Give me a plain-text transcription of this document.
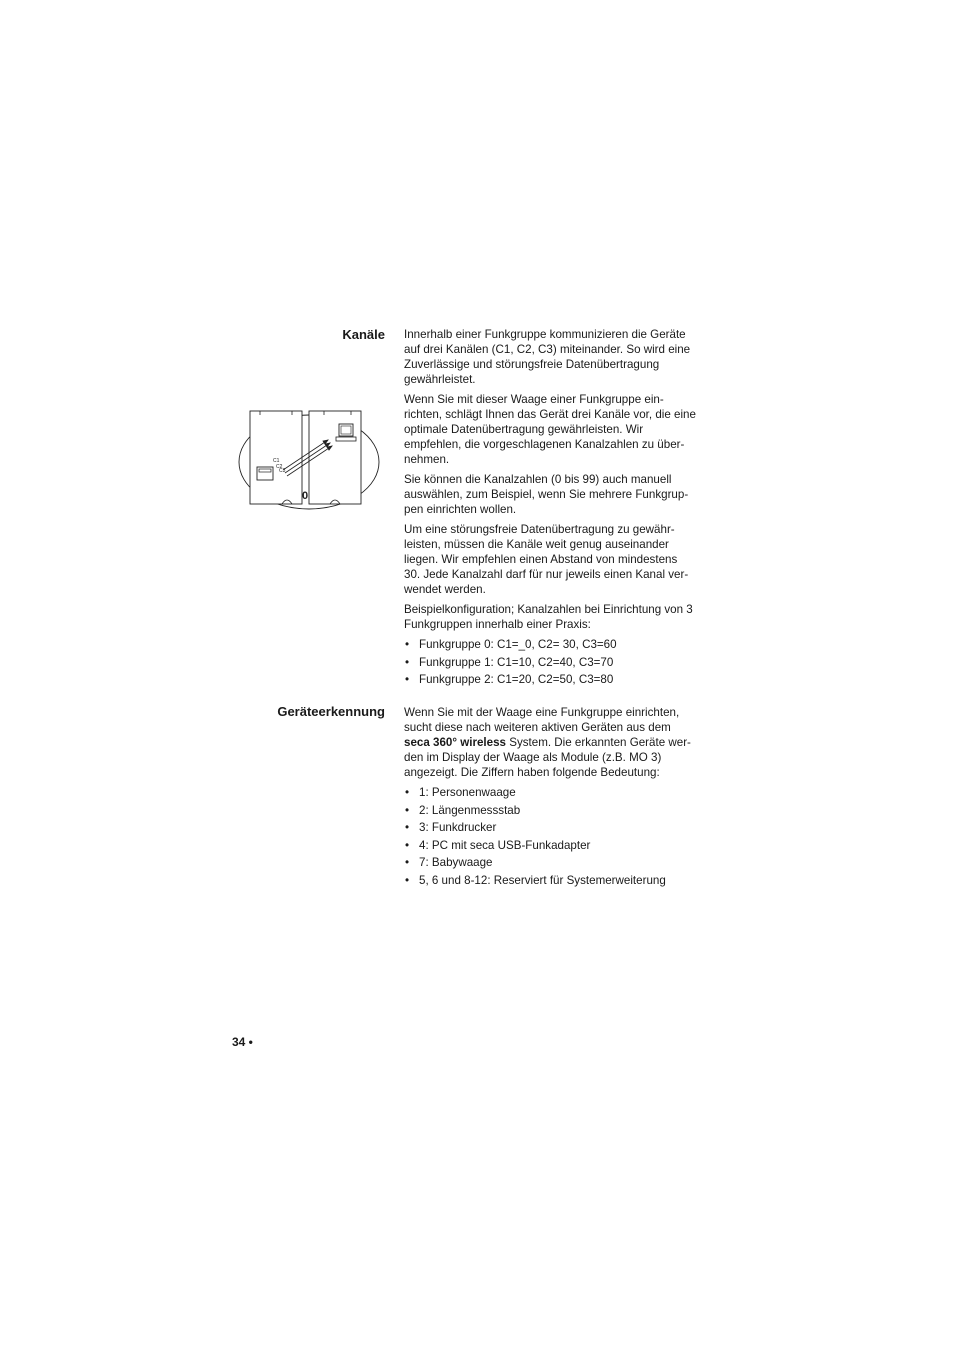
Kanäle Innerhalb einer Funkgruppe kommunizieren die Geräte auf drei Kanälen (C1, C2, C3) miteinander. So wird eine Zuverlässige und störungsfreie Datenübertragung gewährleistet.

Wenn Sie mit dieser Waage einer Funkgruppe ein-richten, schlägt Ihnen das Gerät drei Kanäle vor, die eine optimale Datenübertragung gewährleisten. Wir empfehlen, die vorgeschlagenen Kanalzahlen zu über-nehmen.

Sie können die Kanalzahlen (0 bis 99) auch manuell auswählen, zum Beispiel, wenn Sie mehrere Funkgrup-pen einrichten wollen.

Um eine störungsfreie Datenübertragung zu gewähr-leisten, müssen die Kanäle weit genug auseinander liegen. Wir empfehlen einen Abstand von mindestens 30. Jede Kanalzahl darf für nur jeweils einen Kanal ver-wendet werden.

Beispielkonfiguration; Kanalzahlen bei Einrichtung von 3 Funkgruppen innerhalb einer Praxis:

• Funkgruppe 0: C1=_0, C2= 30, C3=60
• Funkgruppe 1: C1=10, C2=40, C3=70
• Funkgruppe 2: C1=20, C2=50, C3=80
C1
C2
C3
0
Geräteerkennung Wenn Sie mit der Waage eine Funkgruppe einrichten, sucht diese nach weiteren aktiven Geräten aus dem seca 360° wireless System. Die erkannten Geräte wer-den im Display der Waage als Module (z.B. MO 3) angezeigt. Die Ziffern haben folgende Bedeutung:

• 1: Personenwaage
• 2: Längenmessstab
• 3: Funkdrucker
• 4: PC mit seca USB-Funkadapter
• 7: Babywaage
• 5, 6 und 8-12: Reserviert für Systemerweiterung
34 •
